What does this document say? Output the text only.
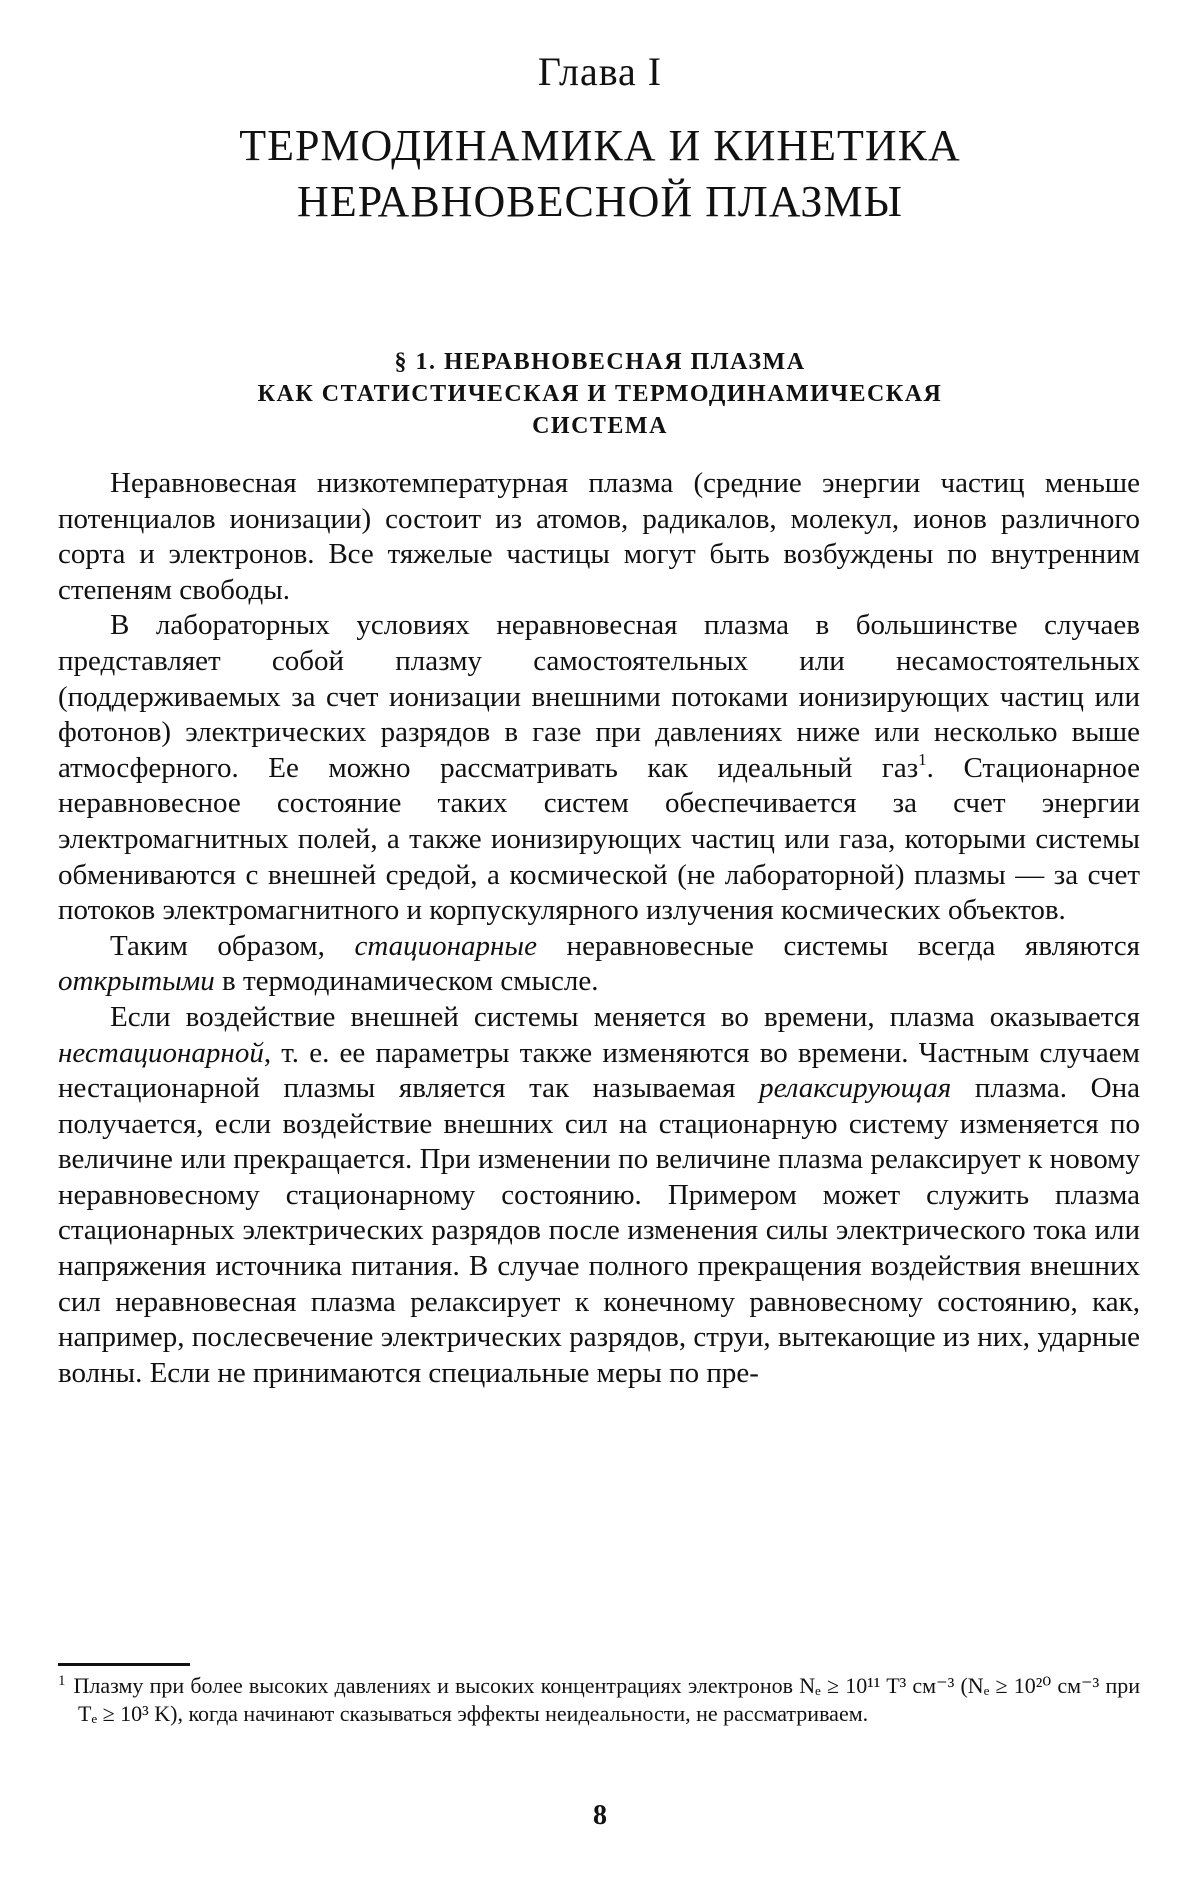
Глава I
ТЕРМОДИНАМИКА И КИНЕТИКА
НЕРАВНОВЕСНОЙ ПЛАЗМЫ
§ 1. НЕРАВНОВЕСНАЯ ПЛАЗМА
КАК СТАТИСТИЧЕСКАЯ И ТЕРМОДИНАМИЧЕСКАЯ
СИСТЕМА

Неравновесная низкотемпературная плазма (средние энергии частиц меньше потенциалов ионизации) состоит из атомов, радикалов, молекул, ионов различного сорта и электронов. Все тяжелые частицы могут быть возбуждены по внутренним степеням свободы.

В лабораторных условиях неравновесная плазма в большинстве случаев представляет собой плазму самостоятельных или несамостоятельных (поддерживаемых за счет ионизации внешними потоками ионизирующих частиц или фотонов) электрических разрядов в газе при давлениях ниже или несколько выше атмосферного. Ее можно рассматривать как идеальный газ$^1$. Стационарное неравновесное состояние таких систем обеспечивается за счет энергии электромагнитных полей, а также ионизирующих частиц или газа, которыми системы обмениваются с внешней средой, а космической (не лабораторной) плазмы — за счет потоков электромагнитного и корпускулярного излучения космических объектов.

Таким образом, стационарные неравновесные системы всегда являются открытыми в термодинамическом смысле.

Если воздействие внешней системы меняется во времени, плазма оказывается нестационарной, т. е. ее параметры также изменяются во времени. Частным случаем нестационарной плазмы является так называемая релаксирующая плазма. Она получается, если воздействие внешних сил на стационарную систему изменяется по величине или прекращается. При изменении по величине плазма релаксирует к новому неравновесному стационарному состоянию. Примером может служить плазма стационарных электрических разрядов после изменения силы электрического тока или напряжения источника питания. В случае полного прекращения воздействия внешних сил неравновесная плазма релаксирует к конечному равновесному состоянию, как, например, послесвечение электрических разрядов, струи, вытекающие из них, ударные волны. Если не принимаются специальные меры по пре-

$^1$ Плазму при более высоких давлениях и высоких концентрациях электронов Nₑ ≥ 10¹¹ T³ см⁻³ (Nₑ ≥ 10²⁰ см⁻³ при Tₑ ≥ 10³ K), когда начинают сказываться эффекты неидеальности, не рассматриваем.

8
